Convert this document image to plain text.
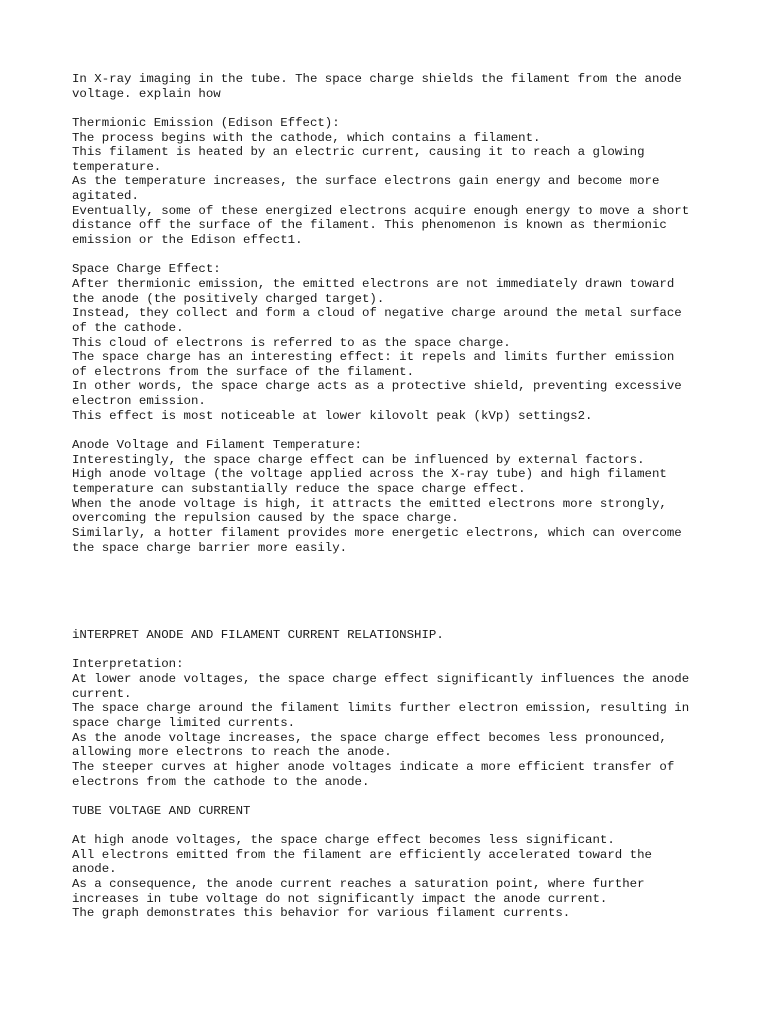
In X-ray imaging in the tube. The space charge shields the filament from the anode
voltage. explain how
Thermionic Emission (Edison Effect):
The process begins with the cathode, which contains a filament.
This filament is heated by an electric current, causing it to reach a glowing
temperature.
As the temperature increases, the surface electrons gain energy and become more
agitated.
Eventually, some of these energized electrons acquire enough energy to move a short
distance off the surface of the filament. This phenomenon is known as thermionic
emission or the Edison effect1.
Space Charge Effect:
After thermionic emission, the emitted electrons are not immediately drawn toward
the anode (the positively charged target).
Instead, they collect and form a cloud of negative charge around the metal surface
of the cathode.
This cloud of electrons is referred to as the space charge.
The space charge has an interesting effect: it repels and limits further emission
of electrons from the surface of the filament.
In other words, the space charge acts as a protective shield, preventing excessive
electron emission.
This effect is most noticeable at lower kilovolt peak (kVp) settings2.
Anode Voltage and Filament Temperature:
Interestingly, the space charge effect can be influenced by external factors.
High anode voltage (the voltage applied across the X-ray tube) and high filament
temperature can substantially reduce the space charge effect.
When the anode voltage is high, it attracts the emitted electrons more strongly,
overcoming the repulsion caused by the space charge.
Similarly, a hotter filament provides more energetic electrons, which can overcome
the space charge barrier more easily.
iNTERPRET ANODE AND FILAMENT CURRENT RELATIONSHIP.
Interpretation:
At lower anode voltages, the space charge effect significantly influences the anode
current.
The space charge around the filament limits further electron emission, resulting in
space charge limited currents.
As the anode voltage increases, the space charge effect becomes less pronounced,
allowing more electrons to reach the anode.
The steeper curves at higher anode voltages indicate a more efficient transfer of
electrons from the cathode to the anode.
TUBE VOLTAGE AND CURRENT
At high anode voltages, the space charge effect becomes less significant.
All electrons emitted from the filament are efficiently accelerated toward the
anode.
As a consequence, the anode current reaches a saturation point, where further
increases in tube voltage do not significantly impact the anode current.
The graph demonstrates this behavior for various filament currents.
